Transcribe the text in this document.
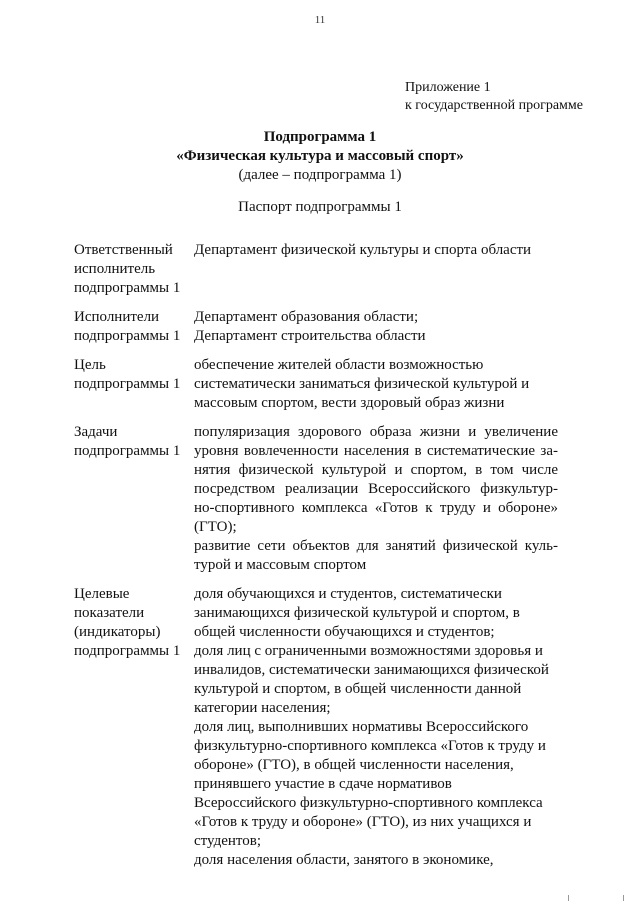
11
Приложение 1
к государственной программе
Подпрограмма 1
«Физическая культура и массовый спорт»
(далее – подпрограмма 1)
Паспорт подпрограммы 1
Ответственный
исполнитель
подпрограммы 1
Департамент физической культуры и спорта области
Исполнители
подпрограммы 1
Департамент образования области;
Департамент строительства области
Цель
подпрограммы 1
обеспечение жителей области возможностью
систематически заниматься физической культурой и
массовым спортом, вести здоровый образ жизни
Задачи
подпрограммы 1
популяризация здорового образа жизни и увеличение
уровня вовлеченности населения в систематические за-
нятия физической культурой и спортом, в том числе
посредством реализации Всероссийского физкультур-
но-спортивного комплекса «Готов к труду и обороне»
(ГТО);
развитие сети объектов для занятий физической куль-
турой и массовым спортом
Целевые
показатели
(индикаторы)
подпрограммы 1
доля обучающихся и студентов, систематически
занимающихся физической культурой и спортом, в
общей численности обучающихся и студентов;
доля лиц с ограниченными возможностями здоровья и
инвалидов, систематически занимающихся физической
культурой и спортом, в общей численности данной
категории населения;
доля лиц, выполнивших нормативы Всероссийского
физкультурно-спортивного комплекса «Готов к труду и
обороне» (ГТО), в общей численности населения,
принявшего участие в сдаче нормативов
Всероссийского физкультурно-спортивного комплекса
«Готов к труду и обороне» (ГТО), из них учащихся и
студентов;
доля населения области, занятого в экономике,
